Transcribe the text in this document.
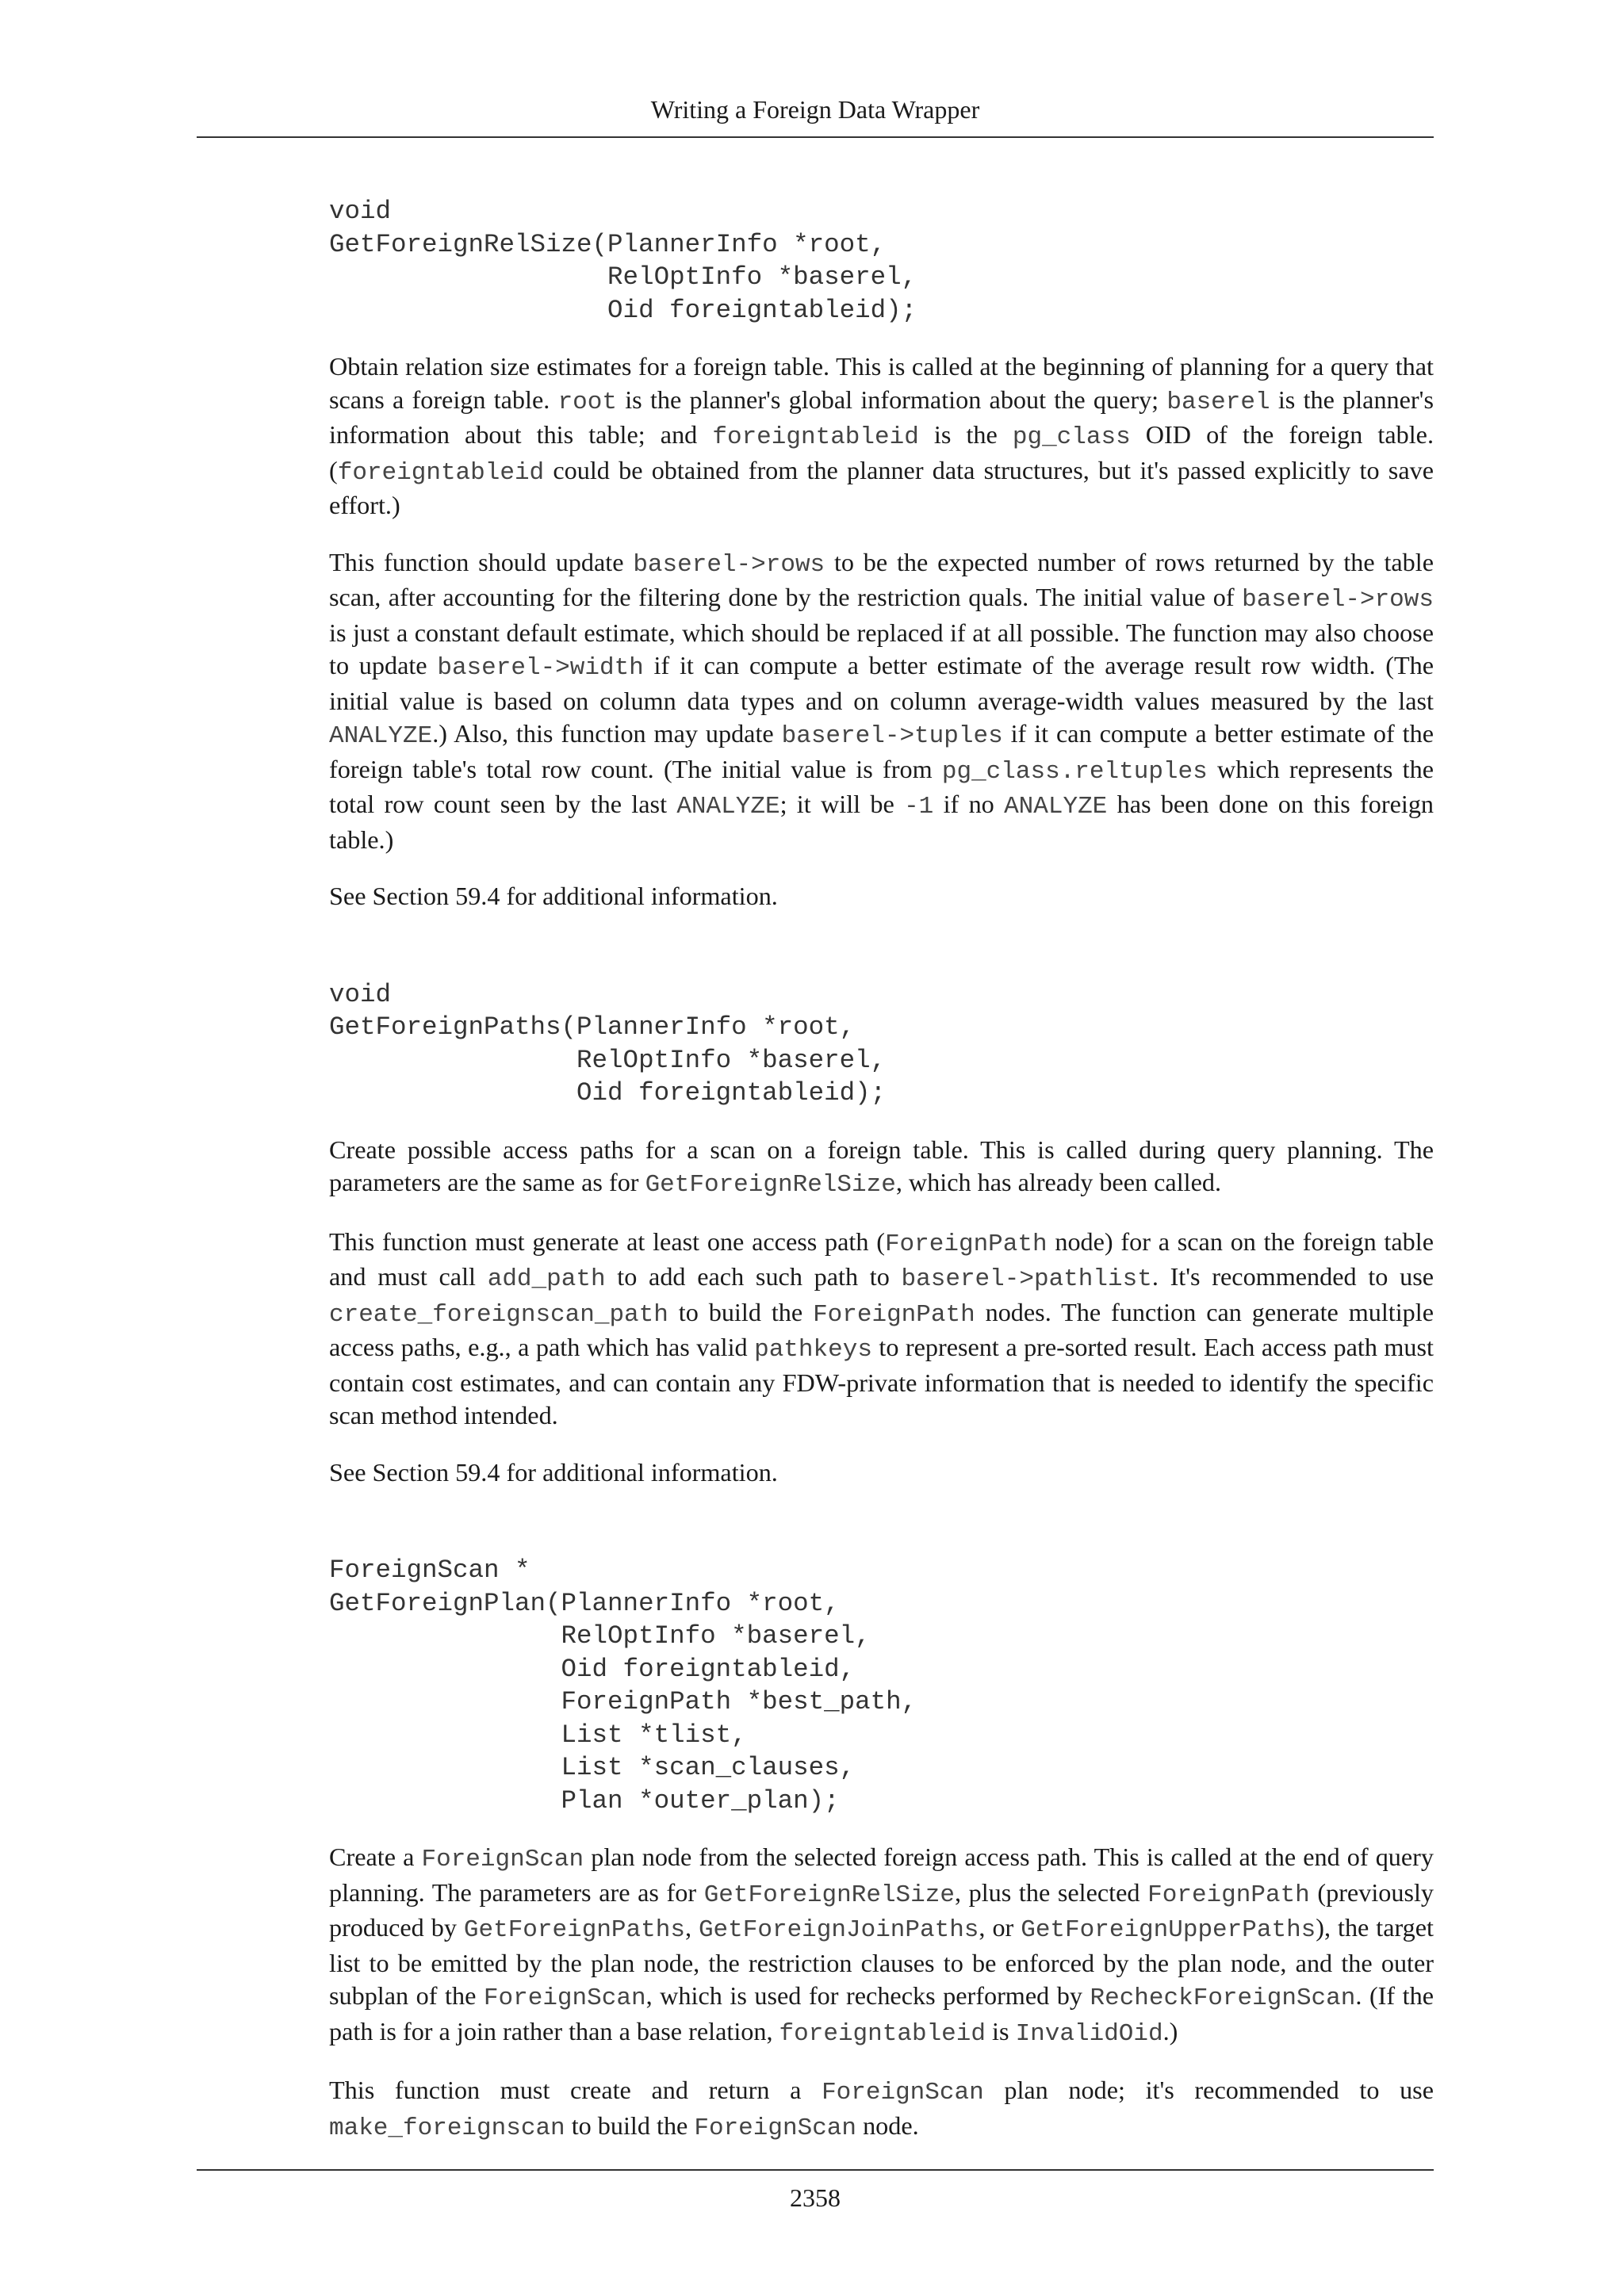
Writing a Foreign Data Wrapper
void
GetForeignRelSize(PlannerInfo *root,
RelOptInfo *baserel,
Oid foreigntableid);

Obtain relation size estimates for a foreign table. This is called at the beginning of planning for a query that scans a foreign table. root is the planner's global information about the query; baserel is the planner's information about this table; and foreigntableid is the pg_class OID of the foreign table. (foreigntableid could be obtained from the planner data structures, but it's passed explicitly to save effort.)

This function should update baserel->rows to be the expected number of rows returned by the table scan, after accounting for the filtering done by the restriction quals. The initial value of baserel->rows is just a constant default estimate, which should be replaced if at all possible. The function may also choose to update baserel->width if it can compute a better estimate of the average result row width. (The initial value is based on column data types and on column average-width values measured by the last ANALYZE.) Also, this function may update baserel->tuples if it can compute a better estimate of the foreign table's total row count. (The initial value is from pg_class.reltuples which represents the total row count seen by the last ANALYZE; it will be -1 if no ANALYZE has been done on this foreign table.)

See Section 59.4 for additional information.

void
GetForeignPaths(PlannerInfo *root,
RelOptInfo *baserel,
Oid foreigntableid);

Create possible access paths for a scan on a foreign table. This is called during query planning. The parameters are the same as for GetForeignRelSize, which has already been called.

This function must generate at least one access path (ForeignPath node) for a scan on the foreign table and must call add_path to add each such path to baserel->pathlist. It's recommended to use create_foreignscan_path to build the ForeignPath nodes. The function can generate multiple access paths, e.g., a path which has valid pathkeys to represent a pre-sorted result. Each access path must contain cost estimates, and can contain any FDW-private information that is needed to identify the specific scan method intended.

See Section 59.4 for additional information.

ForeignScan *
GetForeignPlan(PlannerInfo *root,
RelOptInfo *baserel,
Oid foreigntableid,
ForeignPath *best_path,
List *tlist,
List *scan_clauses,
Plan *outer_plan);

Create a ForeignScan plan node from the selected foreign access path. This is called at the end of query planning. The parameters are as for GetForeignRelSize, plus the selected ForeignPath (previously produced by GetForeignPaths, GetForeignJoinPaths, or GetForeignUpperPaths), the target list to be emitted by the plan node, the restriction clauses to be enforced by the plan node, and the outer subplan of the ForeignScan, which is used for rechecks performed by RecheckForeignScan. (If the path is for a join rather than a base relation, foreigntableid is InvalidOid.)

This function must create and return a ForeignScan plan node; it's recommended to use make_foreignscan to build the ForeignScan node.

2358
